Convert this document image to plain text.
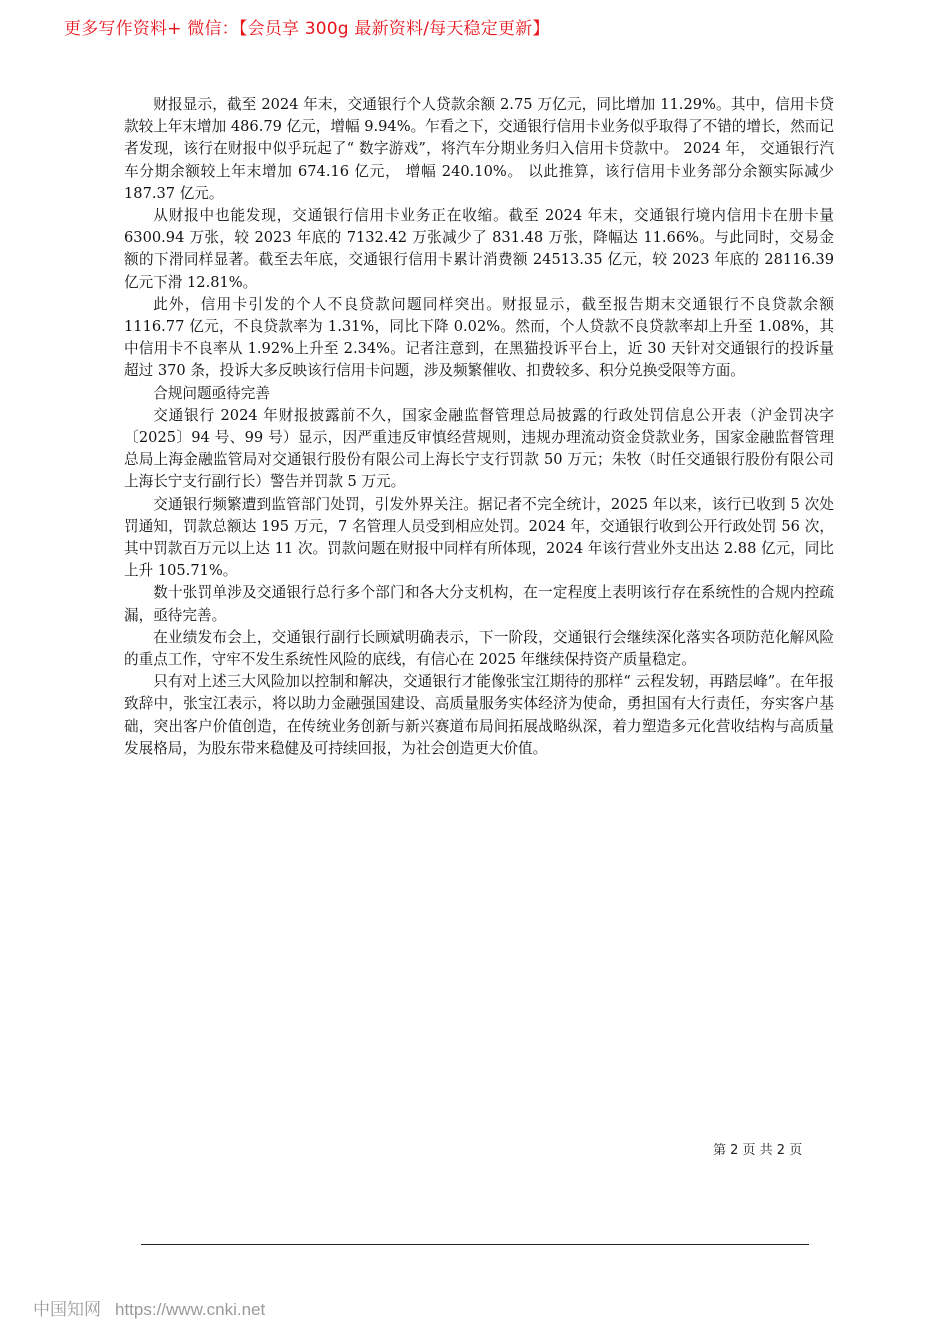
更多写作资料+ 微信：【会员享 300g 最新资料/每天稳定更新】

财报显示，截至 2024 年末，交通银行个人贷款余额 2.75 万亿元，同比增加 11.29%。其中，信用卡贷款较上年末增加 486.79 亿元，增幅 9.94%。乍看之下，交通银行信用卡业务似乎取得了不错的增长，然而记者发现，该行在财报中似乎玩起了“ 数字游戏”，将汽车分期业务归入信用卡贷款中。 2024 年， 交通银行汽车分期余额较上年末增加 674.16 亿元， 增幅 240.10%。 以此推算，该行信用卡业务部分余额实际减少 187.37 亿元。

从财报中也能发现，交通银行信用卡业务正在收缩。截至 2024 年末，交通银行境内信用卡在册卡量 6300.94 万张，较 2023 年底的 7132.42 万张减少了 831.48 万张，降幅达 11.66%。与此同时，交易金额的下滑同样显著。截至去年底，交通银行信用卡累计消费额 24513.35 亿元，较 2023 年底的 28116.39 亿元下滑 12.81%。

此外，信用卡引发的个人不良贷款问题同样突出。财报显示，截至报告期末交通银行不良贷款余额 1116.77 亿元，不良贷款率为 1.31%，同比下降 0.02%。然而，个人贷款不良贷款率却上升至 1.08%，其中信用卡不良率从 1.92%上升至 2.34%。记者注意到，在黑猫投诉平台上，近 30 天针对交通银行的投诉量超过 370 条，投诉大多反映该行信用卡问题，涉及频繁催收、扣费较多、积分兑换受限等方面。

合规问题亟待完善

交通银行 2024 年财报披露前不久，国家金融监督管理总局披露的行政处罚信息公开表（沪金罚决字〔2025〕94 号、99 号）显示，因严重违反审慎经营规则，违规办理流动资金贷款业务，国家金融监督管理总局上海金融监管局对交通银行股份有限公司上海长宁支行罚款 50 万元；朱牧（时任交通银行股份有限公司上海长宁支行副行长）警告并罚款 5 万元。

交通银行频繁遭到监管部门处罚，引发外界关注。据记者不完全统计，2025 年以来，该行已收到 5 次处罚通知，罚款总额达 195 万元，7 名管理人员受到相应处罚。2024 年，交通银行收到公开行政处罚 56 次，其中罚款百万元以上达 11 次。罚款问题在财报中同样有所体现，2024 年该行营业外支出达 2.88 亿元，同比上升 105.71%。

数十张罚单涉及交通银行总行多个部门和各大分支机构，在一定程度上表明该行存在系统性的合规内控疏漏，亟待完善。

在业绩发布会上，交通银行副行长顾斌明确表示，下一阶段，交通银行会继续深化落实各项防范化解风险的重点工作，守牢不发生系统性风险的底线，有信心在 2025 年继续保持资产质量稳定。

只有对上述三大风险加以控制和解决，交通银行才能像张宝江期待的那样“ 云程发轫，再踏层峰”。在年报致辞中，张宝江表示，将以助力金融强国建设、高质量服务实体经济为使命，勇担国有大行责任，夯实客户基础，突出客户价值创造，在传统业务创新与新兴赛道布局间拓展战略纵深，着力塑造多元化营收结构与高质量发展格局，为股东带来稳健及可持续回报，为社会创造更大价值。

第 2 页 共 2 页
中国知网 https://www.cnki.net
